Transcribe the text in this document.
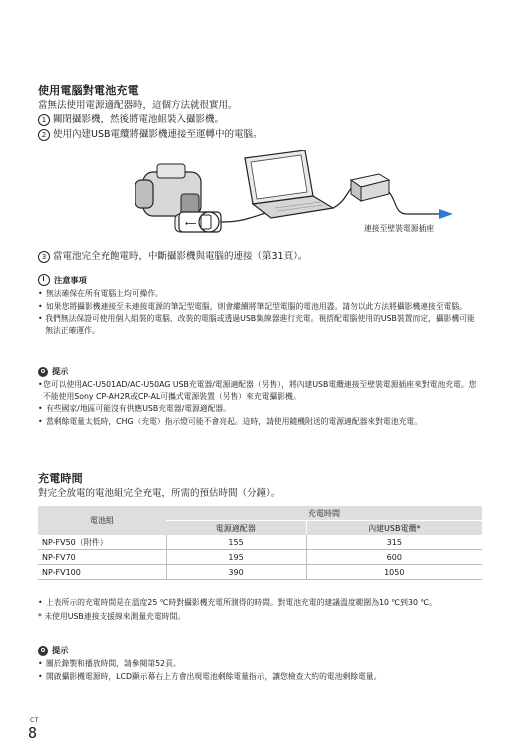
使用電腦對電池充電
當無法使用電源適配器時，這個方法就很實用。
1 關閉攝影機，然後將電池組裝入攝影機。
2 使用內建USB電纜將攝影機連接至運轉中的電腦。
⟵
連接至壁裝電源插座
3 當電池完全充飽電時，中斷攝影機與電腦的連接（第31頁）。
注意事項
• 無法確保在所有電腦上均可操作。
• 如果您將攝影機連接至未連接電源的筆記型電腦，則會繼續將筆記型電腦的電池用盡。請勿以此方法將攝影機連接至電腦。
• 我們無法保證可使用個人組裝的電腦、改裝的電腦或透過USB集線器進行充電。視搭配電腦使用的USB裝置而定，攝影機可能無法正確運作。
提示
• 您可以使用AC-U501AD/AC-U50AG USB充電器/電源適配器（另售），將內建USB電纜連接至壁裝電源插座來對電池充電。您不能使用Sony CP-AH2R或CP-AL可攜式電源裝置（另售）來充電攝影機。
• 有些國家/地區可能沒有供應USB充電器/電源適配器。
• 當剩餘電量太低時，CHG（充電）指示燈可能不會亮起。這時，請使用隨機附送的電源適配器來對電池充電。
充電時間
對完全放電的電池組完全充電，所需的預估時間（分鐘）。
電池組	充電時間	
	電源適配器	內建USB電纜*
NP-FV50（附件）	155	315
NP-FV70	195	600
NP-FV100	390	1050
• 上表所示的充電時間是在溫度25 ℃時對攝影機充電所測得的時間。對電池充電的建議溫度範圍為10 ℃到30 ℃。
* 未使用USB連接支援線來測量充電時間。
提示
• 關於錄製和播放時間，請參閱第52頁。
• 開啟攝影機電源時，LCD顯示幕右上方會出現電池剩餘電量指示，讓您檢查大約的電池剩餘電量。
CT
8
